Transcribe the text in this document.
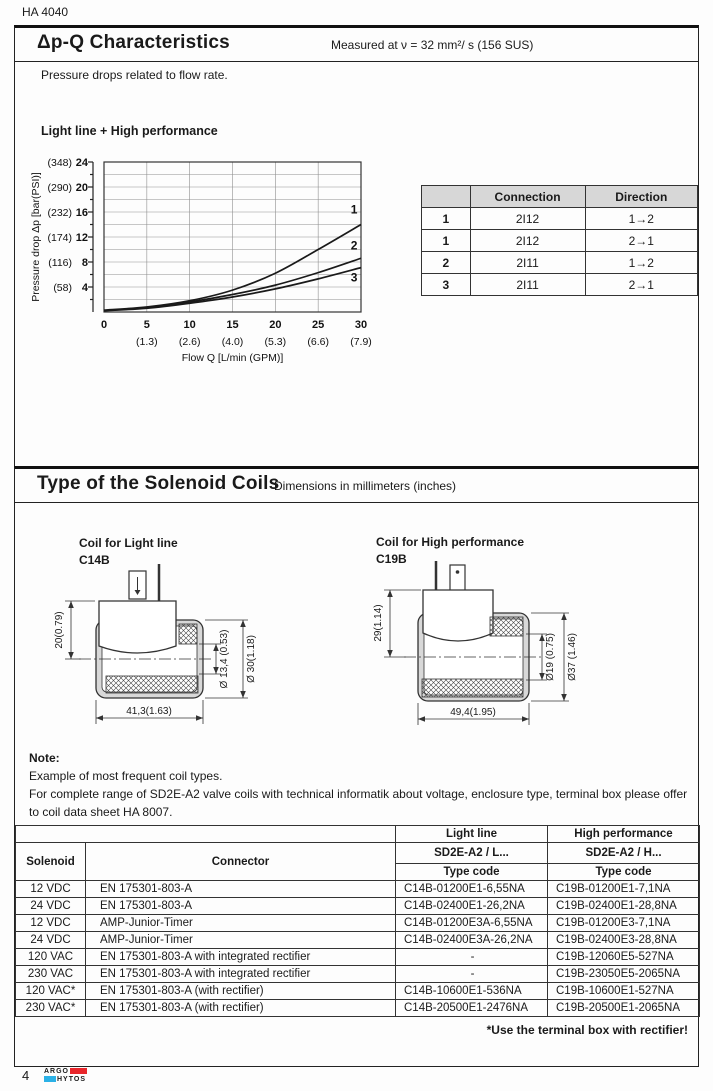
HA 4040
Δp-Q Characteristics	Measured at ν = 32 mm²/ s (156 SUS)
Pressure drops related to flow rate.
Light line + High performance
4
(58)
8
(116)
12
(174)
16
(232)
20
(290)
24
(348)
0	5	10	15	20	25	30
(1.3) (2.6) (4.0) (5.3) (6.6) (7.9)
Flow Q [L/min (GPM)]
Pressure drop Δp [bar(PSI)]	1
2
3
	Connection	Direction
1	2I12	1→2
1	2I12	2→1
2	2I11	1→2
3	2I11	2→1
Type of the Solenoid Coils
Dimensions in millimeters (inches)
Coil for Light line
C14B
Coil for High performance
C19B
20(0.79)
41,3(1.63)
Ø 13,4 (0.53) Ø 30(1.18)
29(1.14)
49,4(1.95)
Ø19 (0.75) Ø37 (1.46)
Note:
Example of most frequent coil types.
For complete range of SD2E-A2 valve coils with technical informatik about voltage, enclosure type, terminal box please offer to coil data sheet HA 8007.
		Light line	High performance
Solenoid	Connector	SD2E-A2 / L...	SD2E-A2 / H...
		Type code	Type code
12 VDC	EN 175301-803-A	C14B-01200E1-6,55NA	C19B-01200E1-7,1NA
24 VDC	EN 175301-803-A	C14B-02400E1-26,2NA	C19B-02400E1-28,8NA
12 VDC	AMP-Junior-Timer	C14B-01200E3A-6,55NA	C19B-01200E3-7,1NA
24 VDC	AMP-Junior-Timer	C14B-02400E3A-26,2NA	C19B-02400E3-28,8NA
120 VAC	EN 175301-803-A with integrated rectifier	-	C19B-12060E5-527NA
230 VAC	EN 175301-803-A with integrated rectifier	-	C19B-23050E5-2065NA
120 VAC*	EN 175301-803-A (with rectifier)	C14B-10600E1-536NA	C19B-10600E1-527NA
230 VAC*	EN 175301-803-A (with rectifier)	C14B-20500E1-2476NA	C19B-20500E1-2065NA
*Use the terminal box with rectifier!
4 ARGO
HYTOS
